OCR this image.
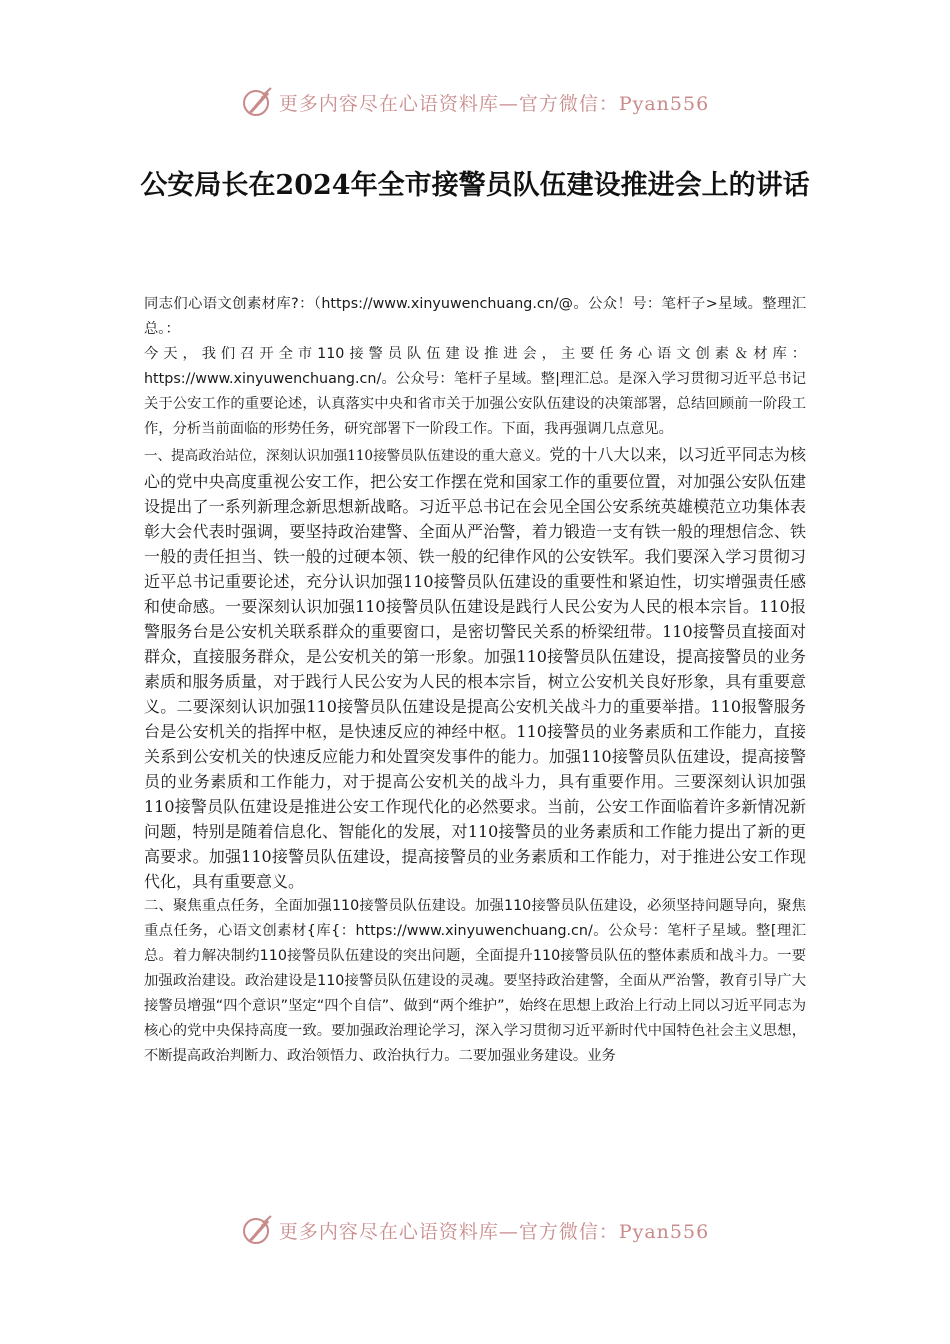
更多内容尽在心语资料库—官方微信：Pyan556
公安局长在2024年全市接警员队伍建设推进会上的讲话

同志们心语文创素材库?：（https://www.xinyuwenchuang.cn/@。公众！号：笔杆子>星域。整理汇总。：

今天，我们召开全市110接警员队伍建设推进会，主要任务心语文创素＆材库：https://www.xinyuwenchuang.cn/。公众号：笔杆子星域。整|理汇总。是深入学习贯彻习近平总书记关于公安工作的重要论述，认真落实中央和省市关于加强公安队伍建设的决策部署，总结回顾前一阶段工作，分析当前面临的形势任务，研究部署下一阶段工作。下面，我再强调几点意见。

一、提高政治站位，深刻认识加强110接警员队伍建设的重大意义。党的十八大以来，以习近平同志为核心的党中央高度重视公安工作，把公安工作摆在党和国家工作的重要位置，对加强公安队伍建设提出了一系列新理念新思想新战略。习近平总书记在会见全国公安系统英雄模范立功集体表彰大会代表时强调，要坚持政治建警、全面从严治警，着力锻造一支有铁一般的理想信念、铁一般的责任担当、铁一般的过硬本领、铁一般的纪律作风的公安铁军。我们要深入学习贯彻习近平总书记重要论述，充分认识加强110接警员队伍建设的重要性和紧迫性，切实增强责任感和使命感。一要深刻认识加强110接警员队伍建设是践行人民公安为人民的根本宗旨。110报警服务台是公安机关联系群众的重要窗口，是密切警民关系的桥梁纽带。110接警员直接面对群众，直接服务群众，是公安机关的第一形象。加强110接警员队伍建设，提高接警员的业务素质和服务质量，对于践行人民公安为人民的根本宗旨，树立公安机关良好形象，具有重要意义。二要深刻认识加强110接警员队伍建设是提高公安机关战斗力的重要举措。110报警服务台是公安机关的指挥中枢，是快速反应的神经中枢。110接警员的业务素质和工作能力，直接关系到公安机关的快速反应能力和处置突发事件的能力。加强110接警员队伍建设，提高接警员的业务素质和工作能力，对于提高公安机关的战斗力，具有重要作用。三要深刻认识加强110接警员队伍建设是推进公安工作现代化的必然要求。当前，公安工作面临着许多新情况新问题，特别是随着信息化、智能化的发展，对110接警员的业务素质和工作能力提出了新的更高要求。加强110接警员队伍建设，提高接警员的业务素质和工作能力，对于推进公安工作现代化，具有重要意义。

二、聚焦重点任务，全面加强110接警员队伍建设。加强110接警员队伍建设，必须坚持问题导向，聚焦重点任务，心语文创素材{库{：https://www.xinyuwenchuang.cn/。公众号：笔杆子星域。整[理汇总。着力解决制约110接警员队伍建设的突出问题，全面提升110接警员队伍的整体素质和战斗力。一要加强政治建设。政治建设是110接警员队伍建设的灵魂。要坚持政治建警，全面从严治警，教育引导广大接警员增强“四个意识”坚定“四个自信”、做到“两个维护”，始终在思想上政治上行动上同以习近平同志为核心的党中央保持高度一致。要加强政治理论学习，深入学习贯彻习近平新时代中国特色社会主义思想，不断提高政治判断力、政治领悟力、政治执行力。二要加强业务建设。业务

更多内容尽在心语资料库—官方微信：Pyan556
